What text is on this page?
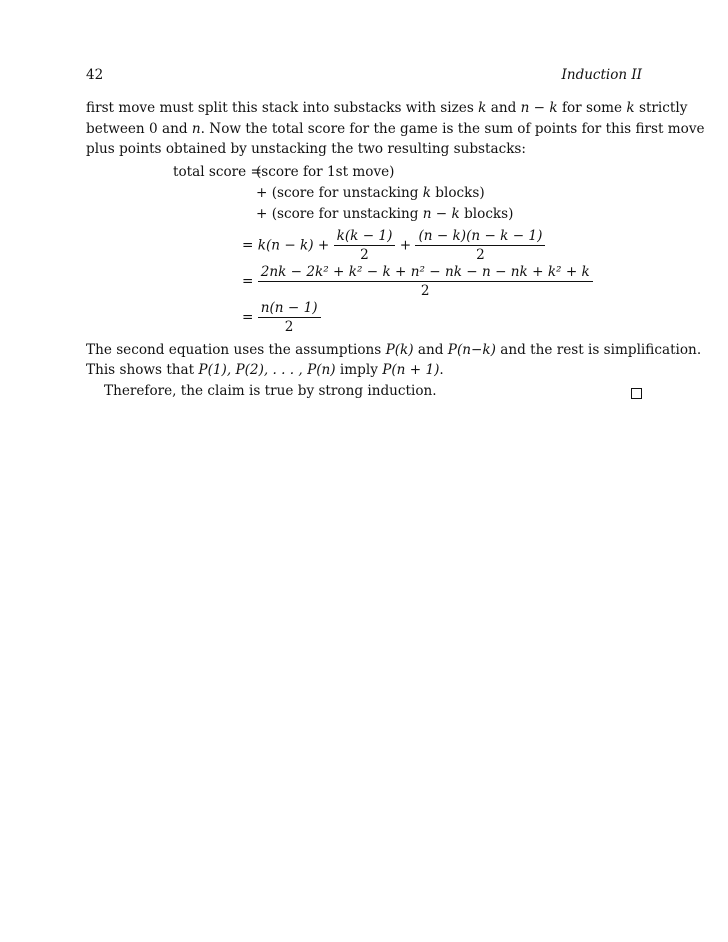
42	Induction II
first move must split this stack into substacks with sizes k and n − k for some k strictly
between 0 and n . Now the total score for the game is the sum of points for this first move
plus points obtained by unstacking the two resulting substacks:
total score =
(score for 1st move)
+ (score for unstacking k blocks)
+ (score for unstacking n − k blocks)
= $k(n - k) + \frac{k(k - 1)}{2} + \frac{(n - k)(n - k - 1)}{2}$
= $\frac{\text{2nk − 2k² + k² − k + n² − nk − n − nk + k² + k}}{2}$
= $\frac{n(n - 1)}{2}$
The second equation uses the assumptions P(k) and P(n−k) and the rest is simplification.
This shows that P(1), P(2), . . . , P(n) imply P(n + 1).
Therefore, the claim is true by strong induction.
